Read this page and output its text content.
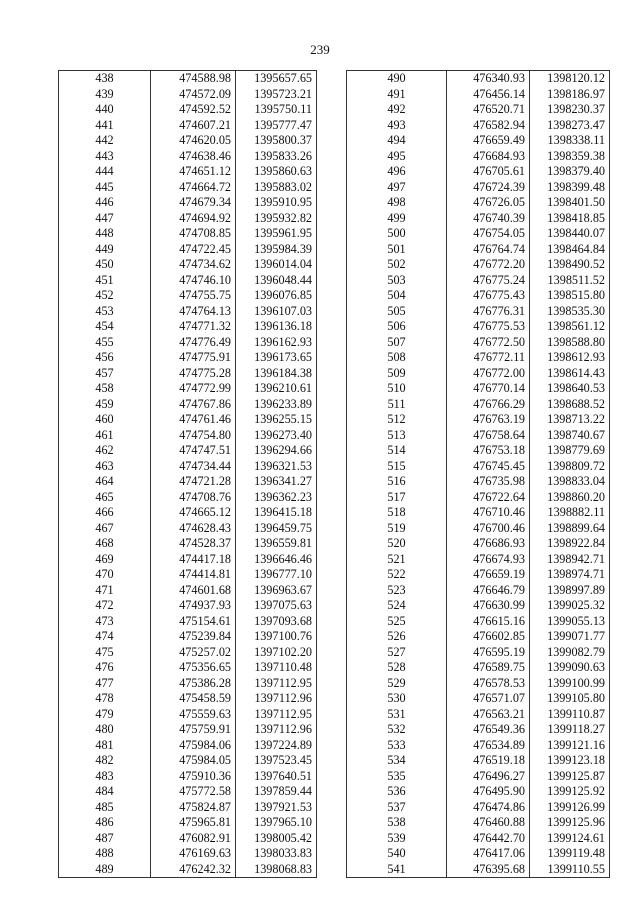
239
438	474588.98	1395657.65
439	474572.09	1395723.21
440	474592.52	1395750.11
441	474607.21	1395777.47
442	474620.05	1395800.37
443	474638.46	1395833.26
444	474651.12	1395860.63
445	474664.72	1395883.02
446	474679.34	1395910.95
447	474694.92	1395932.82
448	474708.85	1395961.95
449	474722.45	1395984.39
450	474734.62	1396014.04
451	474746.10	1396048.44
452	474755.75	1396076.85
453	474764.13	1396107.03
454	474771.32	1396136.18
455	474776.49	1396162.93
456	474775.91	1396173.65
457	474775.28	1396184.38
458	474772.99	1396210.61
459	474767.86	1396233.89
460	474761.46	1396255.15
461	474754.80	1396273.40
462	474747.51	1396294.66
463	474734.44	1396321.53
464	474721.28	1396341.27
465	474708.76	1396362.23
466	474665.12	1396415.18
467	474628.43	1396459.75
468	474528.37	1396559.81
469	474417.18	1396646.46
470	474414.81	1396777.10
471	474601.68	1396963.67
472	474937.93	1397075.63
473	475154.61	1397093.68
474	475239.84	1397100.76
475	475257.02	1397102.20
476	475356.65	1397110.48
477	475386.28	1397112.95
478	475458.59	1397112.96
479	475559.63	1397112.95
480	475759.91	1397112.96
481	475984.06	1397224.89
482	475984.05	1397523.45
483	475910.36	1397640.51
484	475772.58	1397859.44
485	475824.87	1397921.53
486	475965.81	1397965.10
487	476082.91	1398005.42
488	476169.63	1398033.83
489	476242.32	1398068.83
490	476340.93	1398120.12
491	476456.14	1398186.97
492	476520.71	1398230.37
493	476582.94	1398273.47
494	476659.49	1398338.11
495	476684.93	1398359.38
496	476705.61	1398379.40
497	476724.39	1398399.48
498	476726.05	1398401.50
499	476740.39	1398418.85
500	476754.05	1398440.07
501	476764.74	1398464.84
502	476772.20	1398490.52
503	476775.24	1398511.52
504	476775.43	1398515.80
505	476776.31	1398535.30
506	476775.53	1398561.12
507	476772.50	1398588.80
508	476772.11	1398612.93
509	476772.00	1398614.43
510	476770.14	1398640.53
511	476766.29	1398688.52
512	476763.19	1398713.22
513	476758.64	1398740.67
514	476753.18	1398779.69
515	476745.45	1398809.72
516	476735.98	1398833.04
517	476722.64	1398860.20
518	476710.46	1398882.11
519	476700.46	1398899.64
520	476686.93	1398922.84
521	476674.93	1398942.71
522	476659.19	1398974.71
523	476646.79	1398997.89
524	476630.99	1399025.32
525	476615.16	1399055.13
526	476602.85	1399071.77
527	476595.19	1399082.79
528	476589.75	1399090.63
529	476578.53	1399100.99
530	476571.07	1399105.80
531	476563.21	1399110.87
532	476549.36	1399118.27
533	476534.89	1399121.16
534	476519.18	1399123.18
535	476496.27	1399125.87
536	476495.90	1399125.92
537	476474.86	1399126.99
538	476460.88	1399125.96
539	476442.70	1399124.61
540	476417.06	1399119.48
541	476395.68	1399110.55
